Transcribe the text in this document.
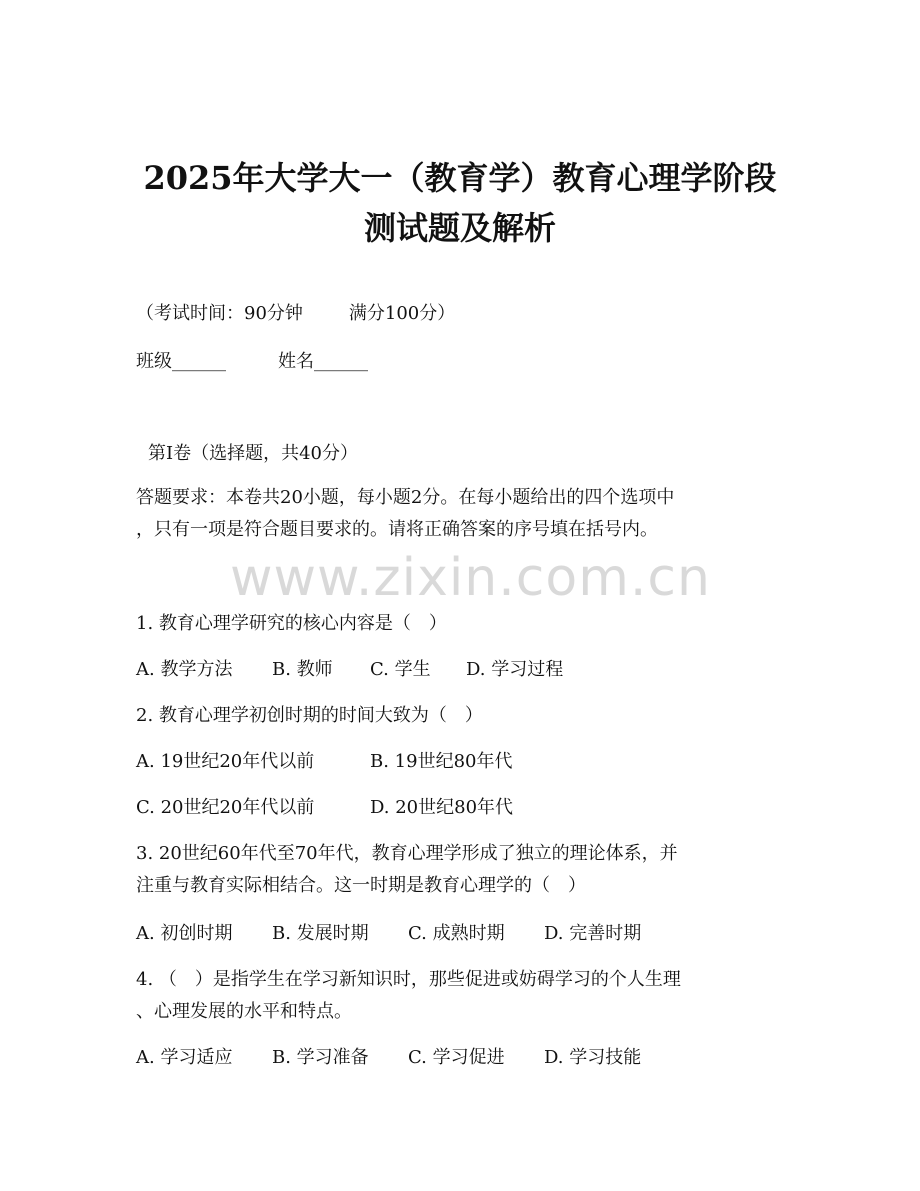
2025年大学大一（教育学）教育心理学阶段
测试题及解析
（考试时间：90分钟	满分100分）
班级______	姓名______
第I卷（选择题，共40分）
答题要求：本卷共20小题，每小题2分。在每小题给出的四个选项中
，只有一项是符合题目要求的。请将正确答案的序号填在括号内。
www.zixin.com.cn
1. 教育心理学研究的核心内容是（　）
A. 教学方法 B. 教师 C. 学生 D. 学习过程
2. 教育心理学初创时期的时间大致为（　）
A. 19世纪20年代以前	B. 19世纪80年代
C. 20世纪20年代以前	D. 20世纪80年代
3. 20世纪60年代至70年代，教育心理学形成了独立的理论体系，并
注重与教育实际相结合。这一时期是教育心理学的（　）
A. 初创时期 B. 发展时期 C. 成熟时期 D. 完善时期
4. （　）是指学生在学习新知识时，那些促进或妨碍学习的个人生理
、心理发展的水平和特点。
A. 学习适应 B. 学习准备 C. 学习促进 D. 学习技能
